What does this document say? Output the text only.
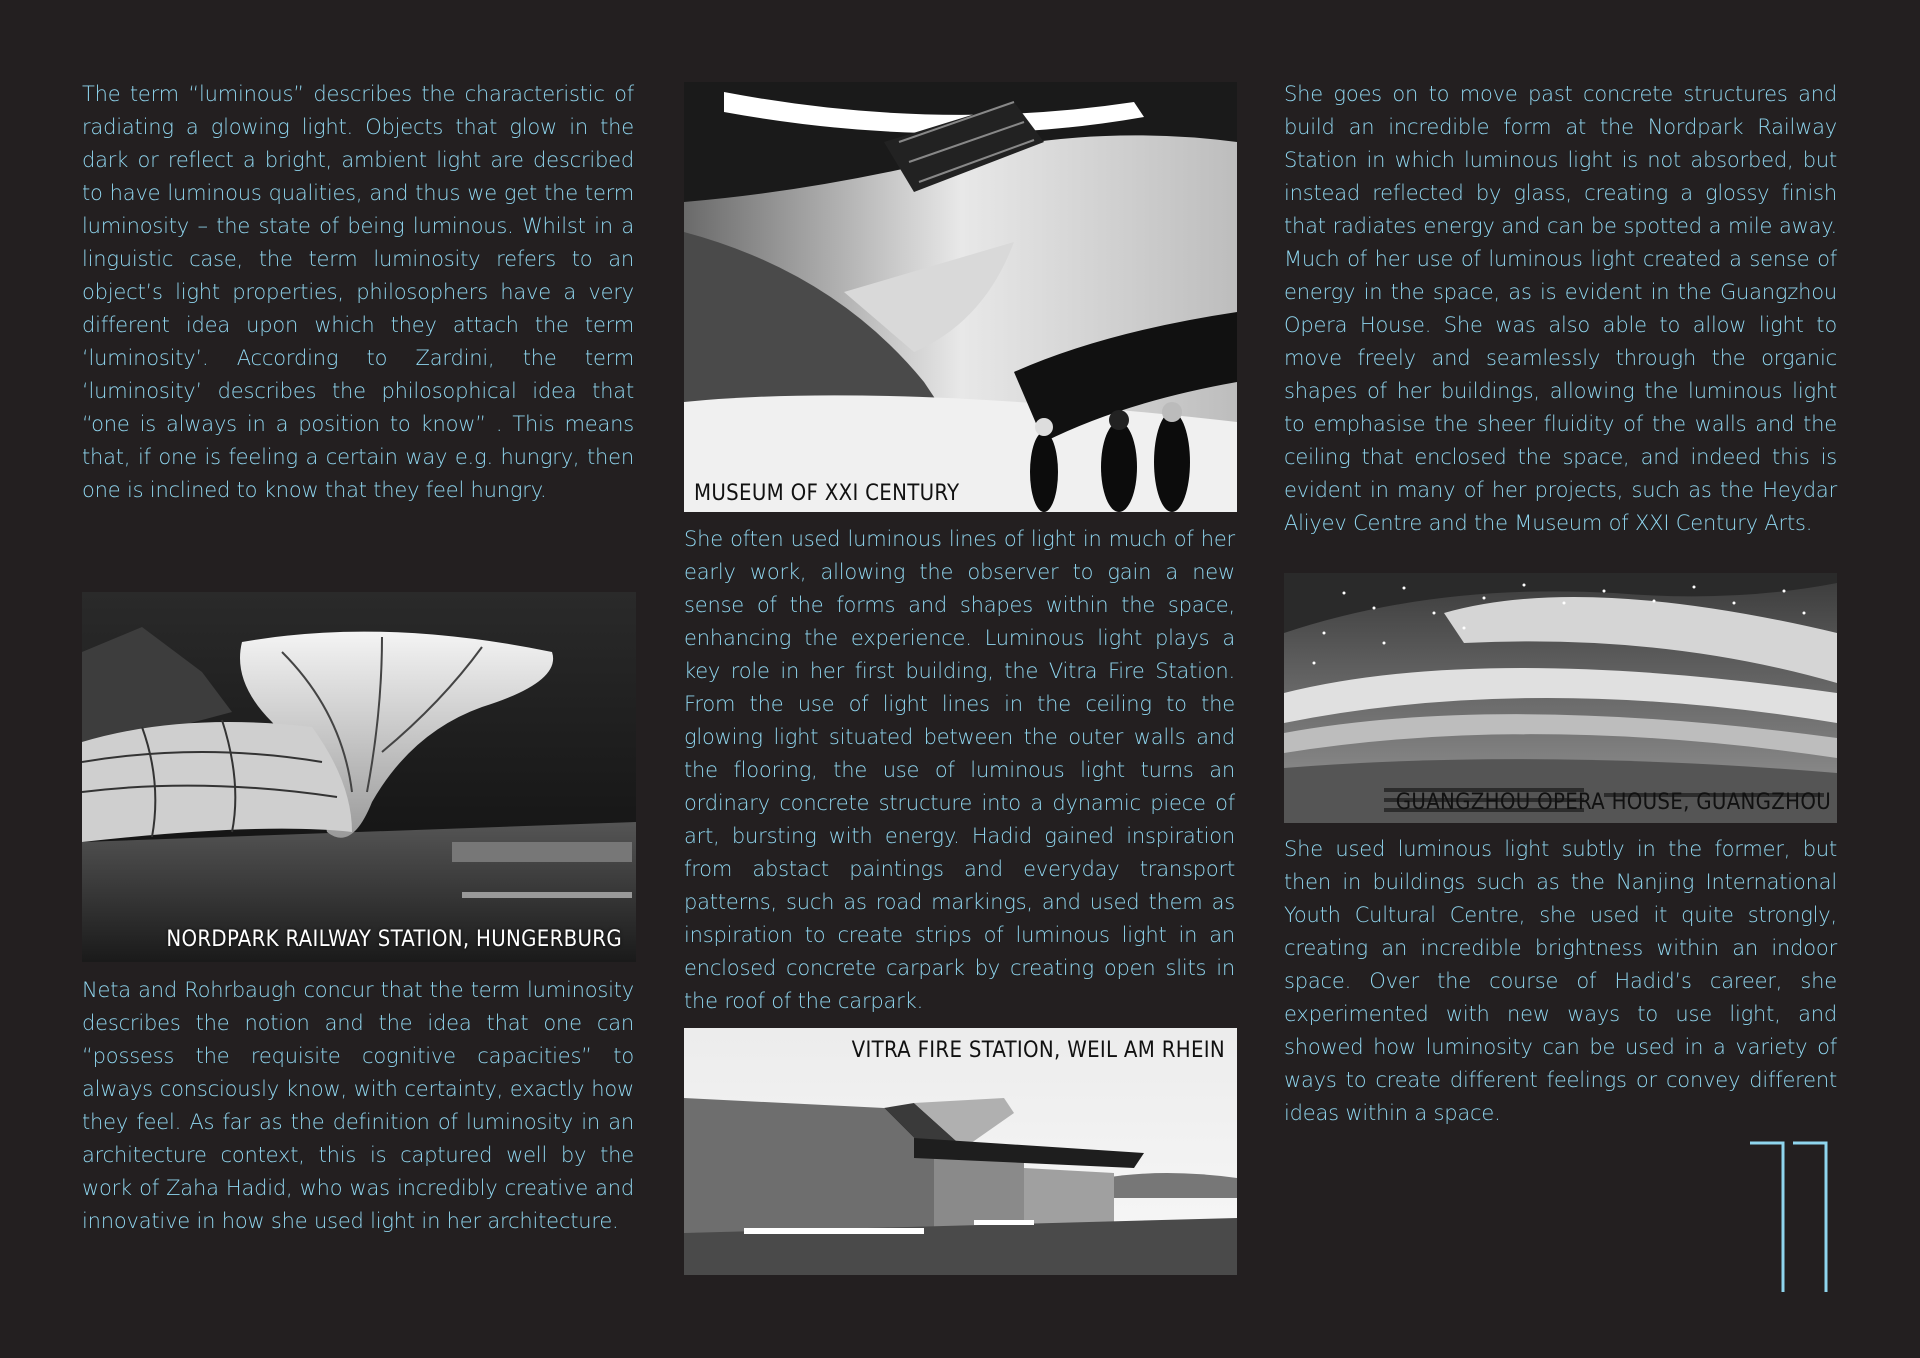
The term “luminous” describes the characteristic of radiating a glowing light. Objects that glow in the dark or reflect a bright, ambient light are described to have luminous qualities, and thus we get the term luminosity – the state of being luminous. Whilst in a linguistic case, the term luminosity refers to an object’s light properties, philosophers have a very different idea upon which they attach the term ‘luminosity’. According to Zardini, the term ‘luminosity’ describes the philosophical idea that “one is always in a position to know” . This means that, if one is feeling a certain way e.g. hungry, then one is inclined to know that they feel hungry.

NORDPARK RAILWAY STATION, HUNGERBURG

Neta and Rohrbaugh concur that the term luminosity describes the notion and the idea that one can “possess the requisite cognitive capacities” to always consciously know, with certainty, exactly how they feel. As far as the definition of luminosity in an architecture context, this is captured well by the work of Zaha Hadid, who was incredibly creative and innovative in how she used light in her architecture.

MUSEUM OF XXI CENTURY

She often used luminous lines of light in much of her early work, allowing the observer to gain a new sense of the forms and shapes within the space, enhancing the experience. Luminous light plays a key role in her first building, the Vitra Fire Station. From the use of light lines in the ceiling to the glowing light situated between the outer walls and the flooring, the use of luminous light turns an ordinary concrete structure into a dynamic piece of art, bursting with energy. Hadid gained inspiration from abstact paintings and everyday transport patterns, such as road markings, and used them as inspiration to create strips of luminous light in an enclosed concrete carpark by creating open slits in the roof of the carpark.

VITRA FIRE STATION, WEIL AM RHEIN

She goes on to move past concrete structures and build an incredible form at the Nordpark Railway Station in which luminous light is not absorbed, but instead reflected by glass, creating a glossy finish that radiates energy and can be spotted a mile away. Much of her use of luminous light created a sense of energy in the space, as is evident in the Guangzhou Opera House. She was also able to allow light to move freely and seamlessly through the organic shapes of her buildings, allowing the luminous light to emphasise the sheer fluidity of the walls and the ceiling that enclosed the space, and indeed this is evident in many of her projects, such as the Heydar Aliyev Centre and the Museum of XXI Century Arts.

GUANGZHOU OPERA HOUSE, GUANGZHOU

She used luminous light subtly in the former, but then in buildings such as the Nanjing International Youth Cultural Centre, she used it quite strongly, creating an incredible brightness within an indoor space. Over the course of Hadid’s career, she experimented with new ways to use light, and showed how luminosity can be used in a variety of ways to create different feelings or convey different ideas within a space.
